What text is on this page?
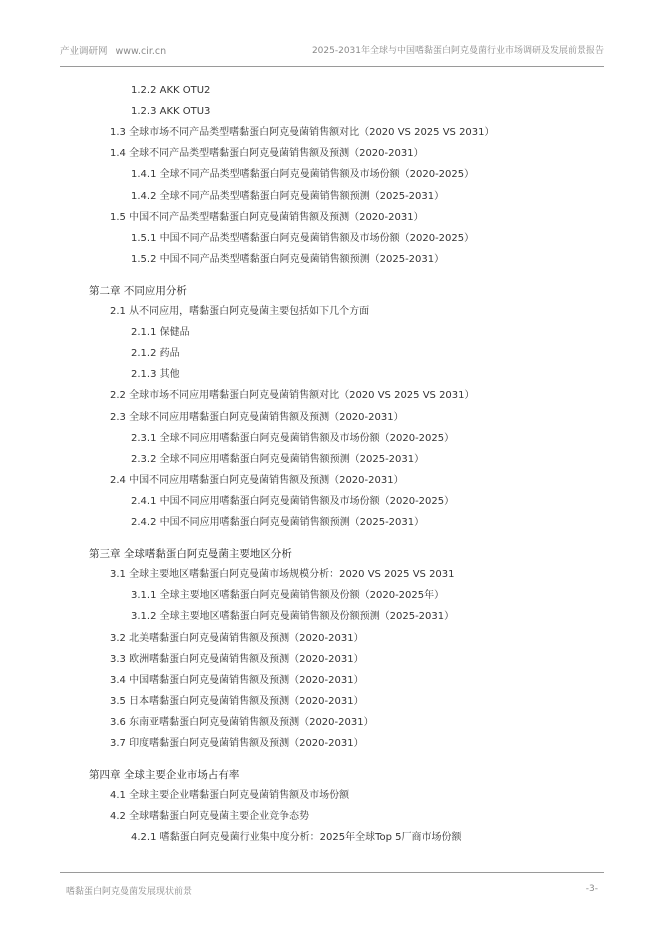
产业调研网 www.cir.cn	2025-2031年全球与中国嗜黏蛋白阿克曼菌行业市场调研及发展前景报告
1.2.2 AKK OTU2
1.2.3 AKK OTU3
1.3 全球市场不同产品类型嗜黏蛋白阿克曼菌销售额对比（2020 VS 2025 VS 2031）
1.4 全球不同产品类型嗜黏蛋白阿克曼菌销售额及预测（2020-2031）
1.4.1 全球不同产品类型嗜黏蛋白阿克曼菌销售额及市场份额（2020-2025）
1.4.2 全球不同产品类型嗜黏蛋白阿克曼菌销售额预测（2025-2031）
1.5 中国不同产品类型嗜黏蛋白阿克曼菌销售额及预测（2020-2031）
1.5.1 中国不同产品类型嗜黏蛋白阿克曼菌销售额及市场份额（2020-2025）
1.5.2 中国不同产品类型嗜黏蛋白阿克曼菌销售额预测（2025-2031）
第二章 不同应用分析
2.1 从不同应用，嗜黏蛋白阿克曼菌主要包括如下几个方面
2.1.1 保健品
2.1.2 药品
2.1.3 其他
2.2 全球市场不同应用嗜黏蛋白阿克曼菌销售额对比（2020 VS 2025 VS 2031）
2.3 全球不同应用嗜黏蛋白阿克曼菌销售额及预测（2020-2031）
2.3.1 全球不同应用嗜黏蛋白阿克曼菌销售额及市场份额（2020-2025）
2.3.2 全球不同应用嗜黏蛋白阿克曼菌销售额预测（2025-2031）
2.4 中国不同应用嗜黏蛋白阿克曼菌销售额及预测（2020-2031）
2.4.1 中国不同应用嗜黏蛋白阿克曼菌销售额及市场份额（2020-2025）
2.4.2 中国不同应用嗜黏蛋白阿克曼菌销售额预测（2025-2031）
第三章 全球嗜黏蛋白阿克曼菌主要地区分析
3.1 全球主要地区嗜黏蛋白阿克曼菌市场规模分析：2020 VS 2025 VS 2031
3.1.1 全球主要地区嗜黏蛋白阿克曼菌销售额及份额（2020-2025年）
3.1.2 全球主要地区嗜黏蛋白阿克曼菌销售额及份额预测（2025-2031）
3.2 北美嗜黏蛋白阿克曼菌销售额及预测（2020-2031）
3.3 欧洲嗜黏蛋白阿克曼菌销售额及预测（2020-2031）
3.4 中国嗜黏蛋白阿克曼菌销售额及预测（2020-2031）
3.5 日本嗜黏蛋白阿克曼菌销售额及预测（2020-2031）
3.6 东南亚嗜黏蛋白阿克曼菌销售额及预测（2020-2031）
3.7 印度嗜黏蛋白阿克曼菌销售额及预测（2020-2031）
第四章 全球主要企业市场占有率
4.1 全球主要企业嗜黏蛋白阿克曼菌销售额及市场份额
4.2 全球嗜黏蛋白阿克曼菌主要企业竞争态势
4.2.1 嗜黏蛋白阿克曼菌行业集中度分析：2025年全球Top 5厂商市场份额
嗜黏蛋白阿克曼菌发展现状前景	-3-
